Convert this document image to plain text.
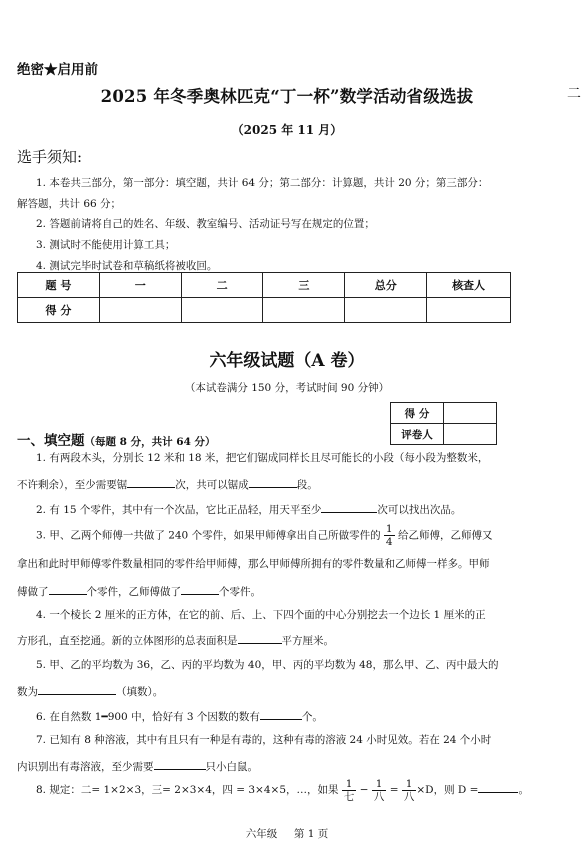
绝密★启用前
2025 年冬季奥林匹克“丁一杯”数学活动省级选拔	二
（2025 年 11 月）
选手须知:
1. 本卷共三部分，第一部分：填空题，共计 64 分；第二部分：计算题，共计 20 分；第三部分：
解答题，共计 66 分；
2. 答题前请将自己的姓名、年级、教室编号、活动证号写在规定的位置；
3. 测试时不能使用计算工具；
4. 测试完毕时试卷和草稿纸将被收回。
题 号	一	二	三	总分	核查人
得 分					
六年级试题（A 卷）
（本试卷满分 150 分，考试时间 90 分钟）
得 分	
评卷人	
一、填空题（每题 8 分，共计 64 分）
1. 有两段木头，分别长 12 米和 18 米，把它们锯成同样长且尽可能长的小段（每小段为整数米，
不许剩余），至少需要锯	次，共可以锯成	段。
2. 有 15 个零件，其中有一个次品，它比正品轻，用天平至少	次可以找出次品。
3. 甲、乙两个师傅一共做了 240 个零件，如果甲师傅拿出自己所做零件的 $\frac{1}{4}$ 给乙师傅，乙师傅又
拿出和此时甲师傅零件数量相同的零件给甲师傅，那么甲师傅所拥有的零件数量和乙师傅一样多。甲师
傅做了	个零件，乙师傅做了	个零件。
4. 一个棱长 2 厘米的正方体，在它的前、后、上、下四个面的中心分别挖去一个边长 1 厘米的正
方形孔，直至挖通。新的立体图形的总表面积是	平方厘米。
5. 甲、乙的平均数为 36，乙、丙的平均数为 40，甲、丙的平均数为 48，那么甲、乙、丙中最大的
数为	（填数）。
6. 在自然数 1━900 中，恰好有 3 个因数的数有	个。
7. 已知有 8 种溶液，其中有且只有一种是有毒的，这种有毒的溶液 24 小时见效。若在 24 个小时
内识别出有毒溶液，至少需要	只小白鼠。
8. 规定：二= 1×2×3，三= 2×3×4，四 = 3×4×5，…，如果 $\frac{1}{\text{七}} - \frac{1}{\text{八}} = \frac{1}{\text{八}} \times D$，则 D =	。
六年级 第 1 页
